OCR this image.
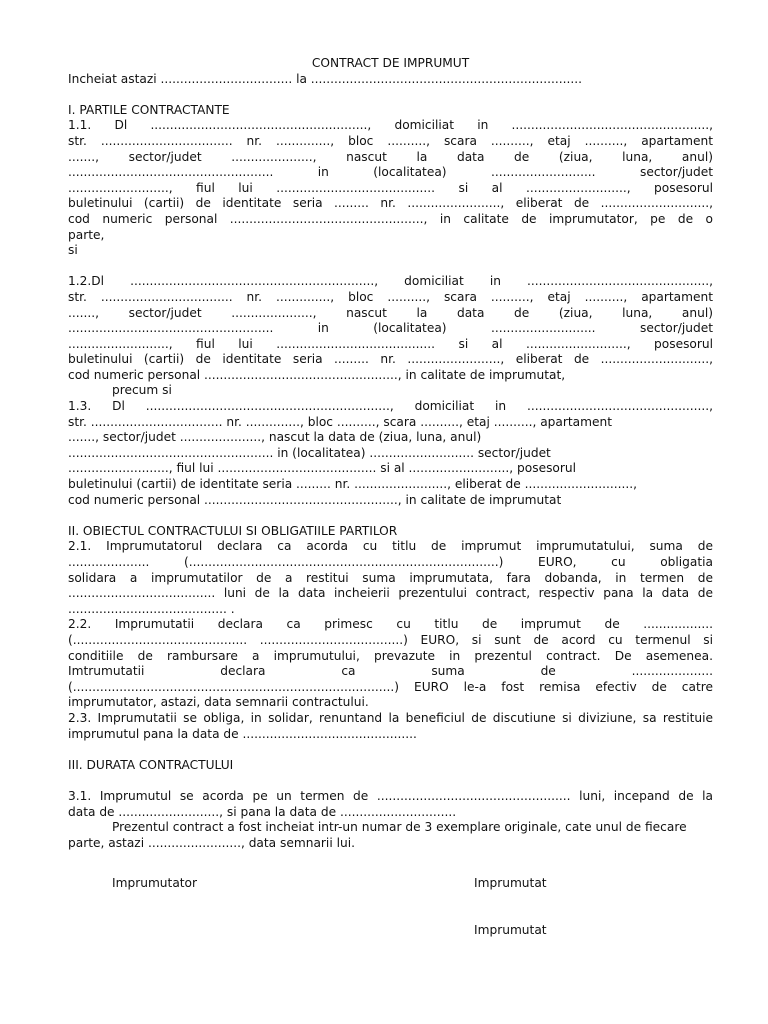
CONTRACT DE IMPRUMUT
Incheiat astazi .................................. la ......................................................................
I. PARTILE CONTRACTANTE
1.1. Dl ........................................................, domiciliat in ...................................................,
str. .................................. nr. .............., bloc .........., scara .........., etaj .........., apartament
......., sector/judet ....................., nascut la data de (ziua, luna, anul)
..................................................... in (localitatea) ........................... sector/judet
.........................., fiul lui ......................................... si al .........................., posesorul
buletinului (cartii) de identitate seria ......... nr. ........................, eliberat de ............................,
cod numeric personal .................................................., in calitate de imprumutator, pe de o
parte,
si
1.2.Dl ..............................................................., domiciliat in ...............................................,
str. .................................. nr. .............., bloc .........., scara .........., etaj .........., apartament
......., sector/judet ....................., nascut la data de (ziua, luna, anul)
..................................................... in (localitatea) ........................... sector/judet
.........................., fiul lui ......................................... si al .........................., posesorul
buletinului (cartii) de identitate seria ......... nr. ........................, eliberat de ............................,
cod numeric personal .................................................., in calitate de imprumutat,
precum si
1.3. Dl ..............................................................., domiciliat in ...............................................,
str. .................................. nr. .............., bloc .........., scara .........., etaj .........., apartament
......., sector/judet ....................., nascut la data de (ziua, luna, anul)
..................................................... in (localitatea) ........................... sector/judet
.........................., fiul lui ......................................... si al .........................., posesorul
buletinului (cartii) de identitate seria ......... nr. ........................, eliberat de ............................,
cod numeric personal .................................................., in calitate de imprumutat
II. OBIECTUL CONTRACTULUI SI OBLIGATIILE PARTILOR
2.1. Imprumutatorul declara ca acorda cu titlu de imprumut imprumutatului, suma de
..................... (................................................................................) EURO, cu obligatia
solidara a imprumutatilor de a restitui suma imprumutata, fara dobanda, in termen de
...................................... luni de la data incheierii prezentului contract, respectiv pana la data de
......................................... .
2.2. Imprumutatii declara ca primesc cu titlu de imprumut de ..................
(............................................. .....................................) EURO, si sunt de acord cu termenul si
conditiile de rambursare a imprumutului, prevazute in prezentul contract. De asemenea.
Imtrumutatii declara ca suma de .....................
(...................................................................................) EURO le-a fost remisa efectiv de catre
imprumutator, astazi, data semnarii contractului.
2.3. Imprumutatii se obliga, in solidar, renuntand la beneficiul de discutiune si diviziune, sa restituie
imprumutul pana la data de .............................................
III. DURATA CONTRACTULUI
3.1. Imprumutul se acorda pe un termen de .................................................. luni, incepand de la
data de .........................., si pana la data de ..............................
Prezentul contract a fost incheiat intr-un numar de 3 exemplare originale, cate unul de fiecare
parte, astazi ........................, data semnarii lui.
Imprumutator	Imprumutat
Imprumutat
